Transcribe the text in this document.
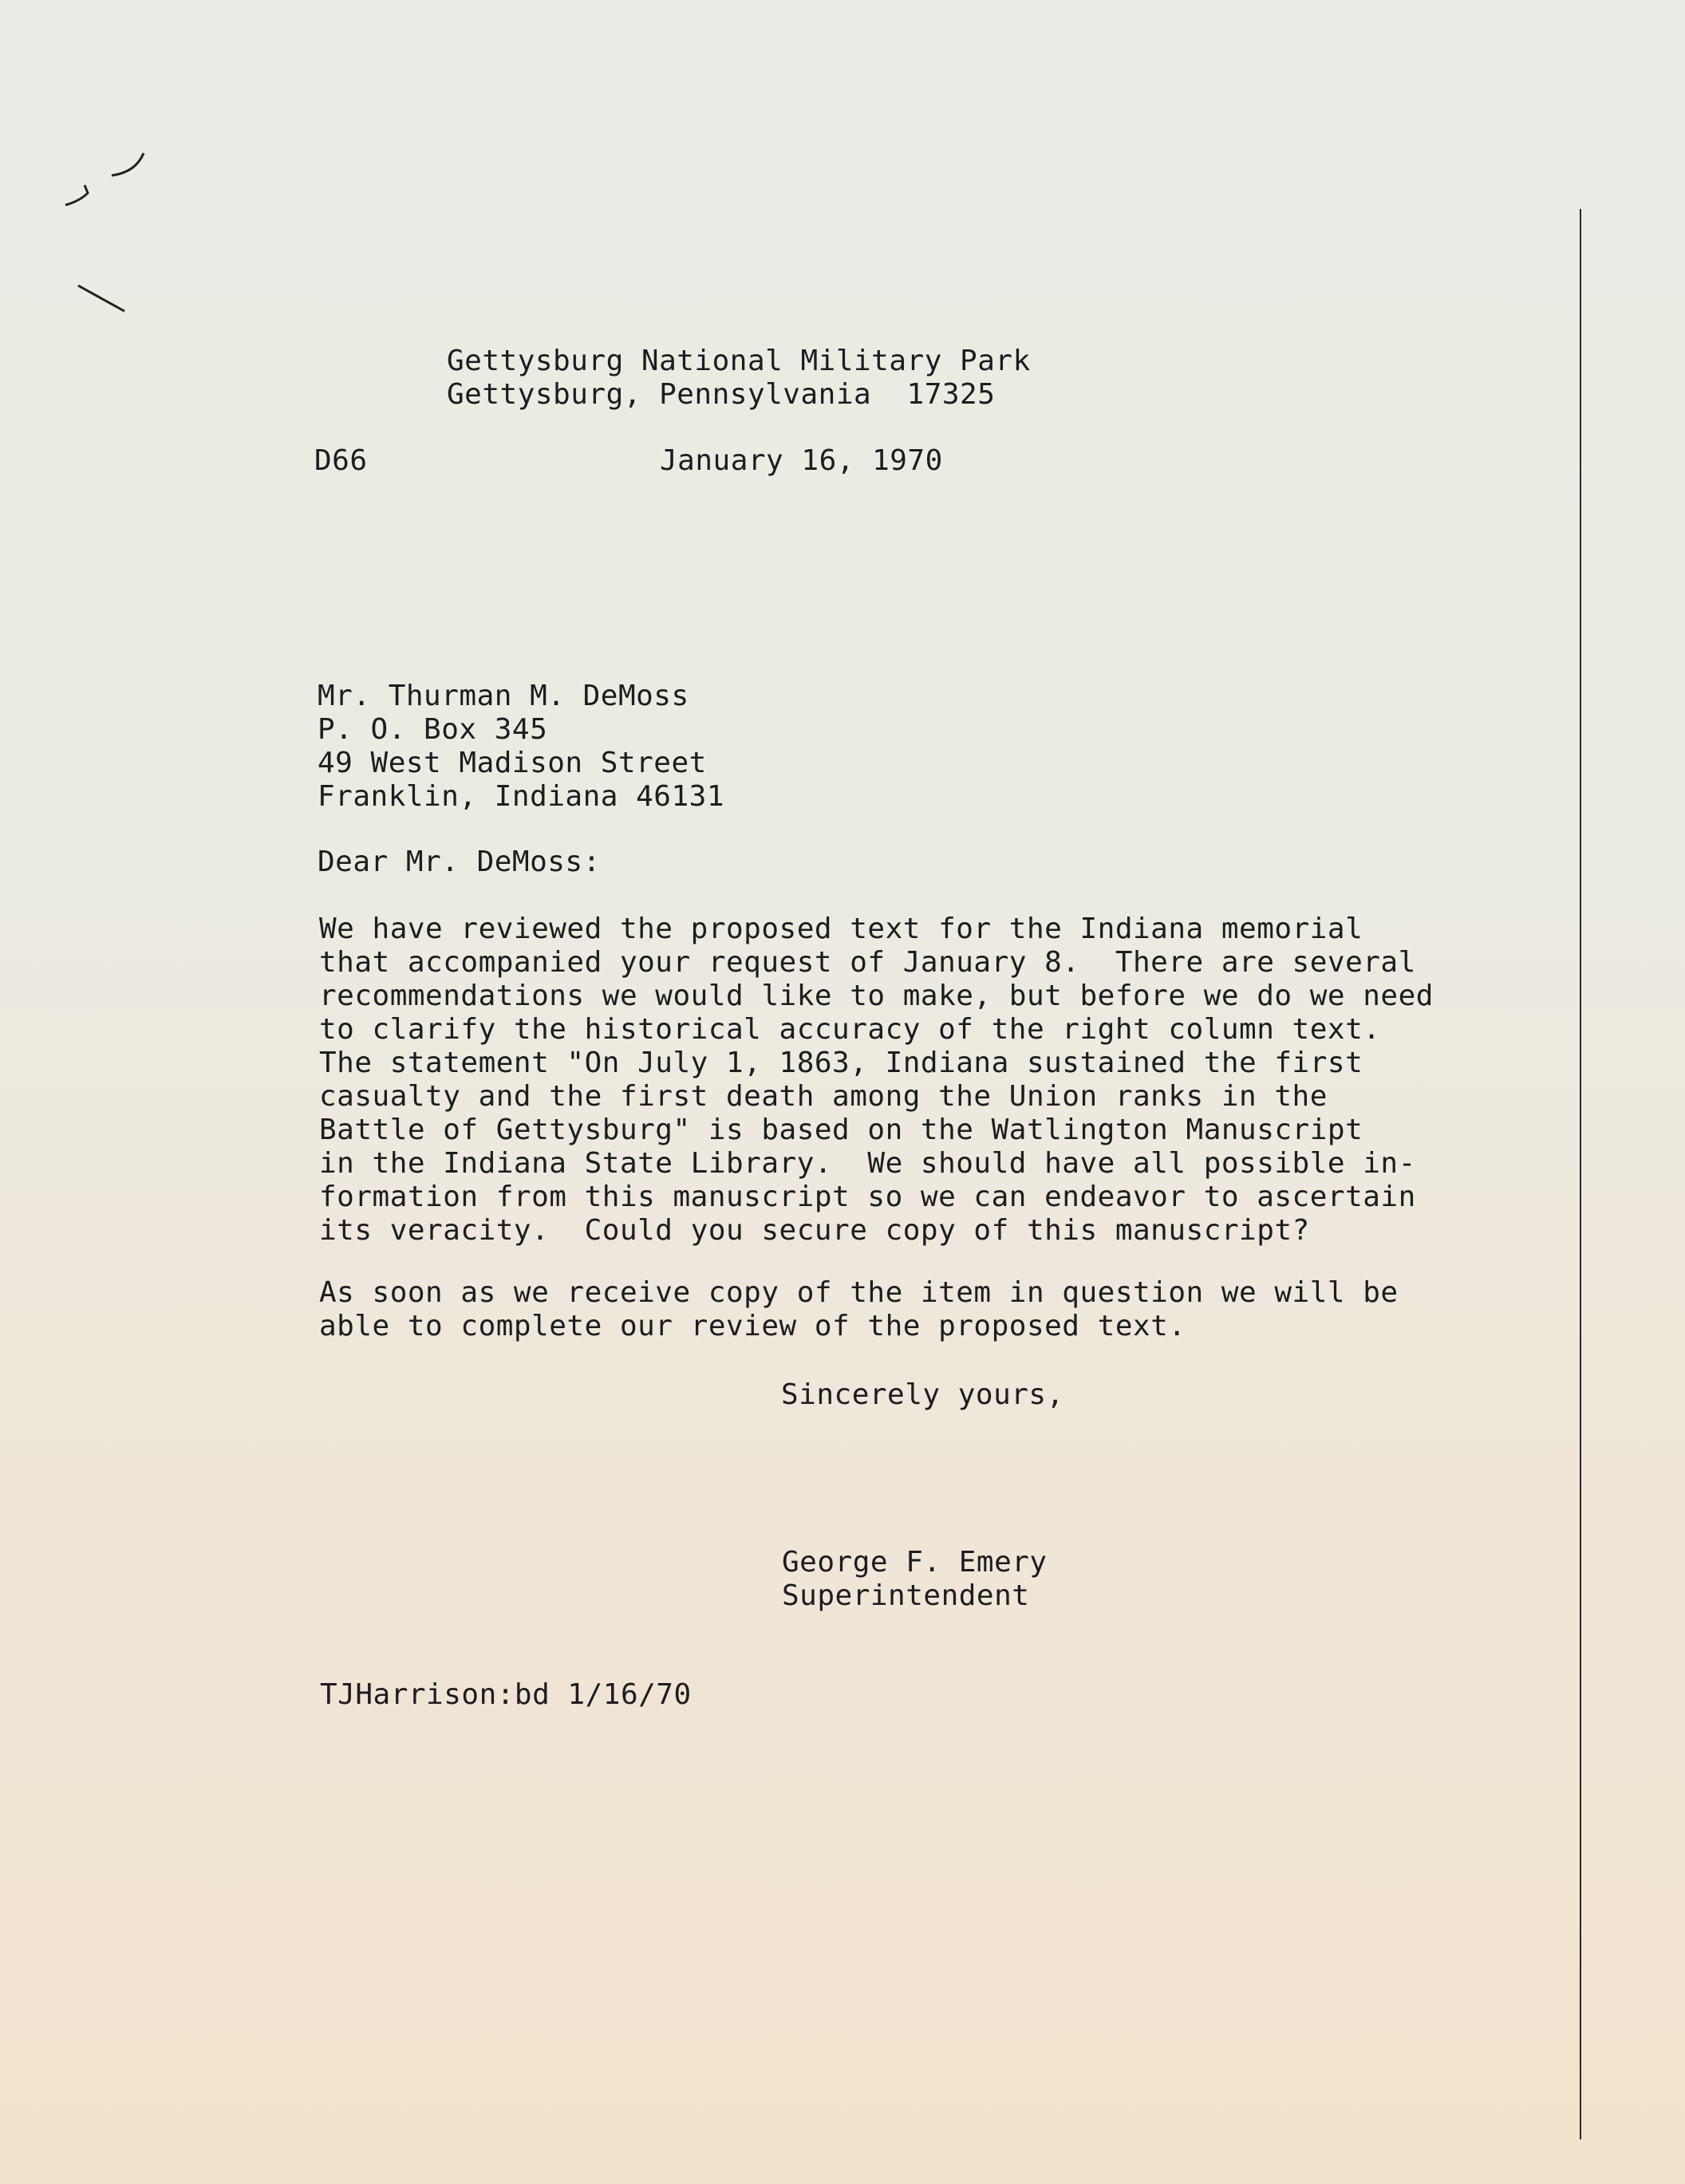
Gettysburg National Military Park
Gettysburg, Pennsylvania  17325
D66	January 16, 1970
Mr. Thurman M. DeMoss
P. O. Box 345
49 West Madison Street
Franklin, Indiana 46131
Dear Mr. DeMoss:
We have reviewed the proposed text for the Indiana memorial
that accompanied your request of January 8.  There are several
recommendations we would like to make, but before we do we need
to clarify the historical accuracy of the right column text.
The statement "On July 1, 1863, Indiana sustained the first
casualty and the first death among the Union ranks in the
Battle of Gettysburg" is based on the Watlington Manuscript
in the Indiana State Library.  We should have all possible in-
formation from this manuscript so we can endeavor to ascertain
its veracity.  Could you secure copy of this manuscript?
As soon as we receive copy of the item in question we will be
able to complete our review of the proposed text.
Sincerely yours,
George F. Emery
Superintendent
TJHarrison:bd 1/16/70
